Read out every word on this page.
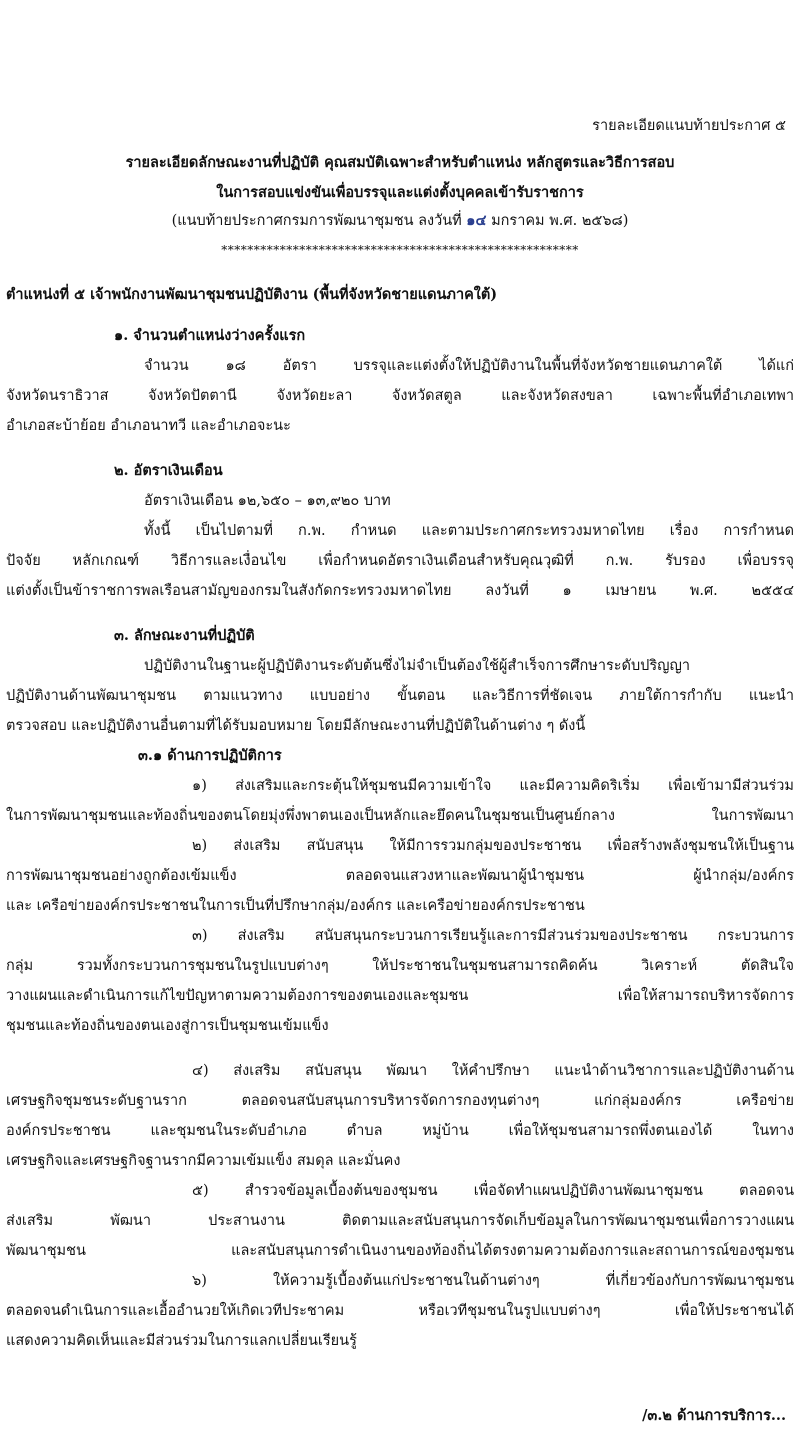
รายละเอียดแนบท้ายประกาศ ๕
รายละเอียดลักษณะงานที่ปฏิบัติ คุณสมบัติเฉพาะสำหรับตำแหน่ง หลักสูตรและวิธีการสอบ
ในการสอบแข่งขันเพื่อบรรจุและแต่งตั้งบุคคลเข้ารับราชการ
(แนบท้ายประกาศกรมการพัฒนาชุมชน ลงวันที่ ๑๔ มกราคม พ.ศ. ๒๕๖๘)
*******************************************************
ตำแหน่งที่ ๕ เจ้าพนักงานพัฒนาชุมชนปฏิบัติงาน (พื้นที่จังหวัดชายแดนภาคใต้)
๑. จำนวนตำแหน่งว่างครั้งแรก
จำนวน ๑๘ อัตรา บรรจุและแต่งตั้งให้ปฏิบัติงานในพื้นที่จังหวัดชายแดนภาคใต้ ได้แก่
จังหวัดนราธิวาส จังหวัดปัตตานี จังหวัดยะลา จังหวัดสตูล และจังหวัดสงขลา เฉพาะพื้นที่อำเภอเทพา
อำเภอสะบ้าย้อย อำเภอนาทวี และอำเภอจะนะ
๒. อัตราเงินเดือน
อัตราเงินเดือน ๑๒,๖๕๐ – ๑๓,๙๒๐ บาท
ทั้งนี้ เป็นไปตามที่ ก.พ. กำหนด และตามประกาศกระทรวงมหาดไทย เรื่อง การกำหนด
ปัจจัย หลักเกณฑ์ วิธีการและเงื่อนไข เพื่อกำหนดอัตราเงินเดือนสำหรับคุณวุฒิที่ ก.พ. รับรอง เพื่อบรรจุ
แต่งตั้งเป็นข้าราชการพลเรือนสามัญของกรมในสังกัดกระทรวงมหาดไทย ลงวันที่ ๑ เมษายน พ.ศ. ๒๕๕๔
๓. ลักษณะงานที่ปฏิบัติ
ปฏิบัติงานในฐานะผู้ปฏิบัติงานระดับต้นซึ่งไม่จำเป็นต้องใช้ผู้สำเร็จการศึกษาระดับปริญญา
ปฏิบัติงานด้านพัฒนาชุมชน ตามแนวทาง แบบอย่าง ขั้นตอน และวิธีการที่ชัดเจน ภายใต้การกำกับ แนะนำ
ตรวจสอบ และปฏิบัติงานอื่นตามที่ได้รับมอบหมาย โดยมีลักษณะงานที่ปฏิบัติในด้านต่าง ๆ ดังนี้
๓.๑ ด้านการปฏิบัติการ
๑) ส่งเสริมและกระตุ้นให้ชุมชนมีความเข้าใจ และมีความคิดริเริ่ม เพื่อเข้ามามีส่วนร่วม
ในการพัฒนาชุมชนและท้องถิ่นของตนโดยมุ่งพึ่งพาตนเองเป็นหลักและยึดคนในชุมชนเป็นศูนย์กลาง ในการพัฒนา
๒) ส่งเสริม สนับสนุน ให้มีการรวมกลุ่มของประชาชน เพื่อสร้างพลังชุมชนให้เป็นฐาน
การพัฒนาชุมชนอย่างถูกต้องเข้มแข็ง ตลอดจนแสวงหาและพัฒนาผู้นำชุมชน ผู้นำกลุ่ม/องค์กร
และ เครือข่ายองค์กรประชาชนในการเป็นที่ปรึกษากลุ่ม/องค์กร และเครือข่ายองค์กรประชาชน
๓) ส่งเสริม สนับสนุนกระบวนการเรียนรู้และการมีส่วนร่วมของประชาชน กระบวนการ
กลุ่ม รวมทั้งกระบวนการชุมชนในรูปแบบต่างๆ ให้ประชาชนในชุมชนสามารถคิดค้น วิเคราะห์ ตัดสินใจ
วางแผนและดำเนินการแก้ไขปัญหาตามความต้องการของตนเองและชุมชน เพื่อให้สามารถบริหารจัดการ
ชุมชนและท้องถิ่นของตนเองสู่การเป็นชุมชนเข้มแข็ง
๔) ส่งเสริม สนับสนุน พัฒนา ให้คำปรึกษา แนะนำด้านวิชาการและปฏิบัติงานด้าน
เศรษฐกิจชุมชนระดับฐานราก ตลอดจนสนับสนุนการบริหารจัดการกองทุนต่างๆ แก่กลุ่มองค์กร เครือข่าย
องค์กรประชาชน และชุมชนในระดับอำเภอ ตำบล หมู่บ้าน เพื่อให้ชุมชนสามารถพึ่งตนเองได้ ในทาง
เศรษฐกิจและเศรษฐกิจฐานรากมีความเข้มแข็ง สมดุล และมั่นคง
๕) สำรวจข้อมูลเบื้องต้นของชุมชน เพื่อจัดทำแผนปฏิบัติงานพัฒนาชุมชน ตลอดจน
ส่งเสริม พัฒนา ประสานงาน ติดตามและสนับสนุนการจัดเก็บข้อมูลในการพัฒนาชุมชนเพื่อการวางแผน
พัฒนาชุมชน และสนับสนุนการดำเนินงานของท้องถิ่นได้ตรงตามความต้องการและสถานการณ์ของชุมชน
๖) ให้ความรู้เบื้องต้นแก่ประชาชนในด้านต่างๆ ที่เกี่ยวข้องกับการพัฒนาชุมชน
ตลอดจนดำเนินการและเอื้ออำนวยให้เกิดเวทีประชาคม หรือเวทีชุมชนในรูปแบบต่างๆ เพื่อให้ประชาชนได้
แสดงความคิดเห็นและมีส่วนร่วมในการแลกเปลี่ยนเรียนรู้
/๓.๒ ด้านการบริการ...
